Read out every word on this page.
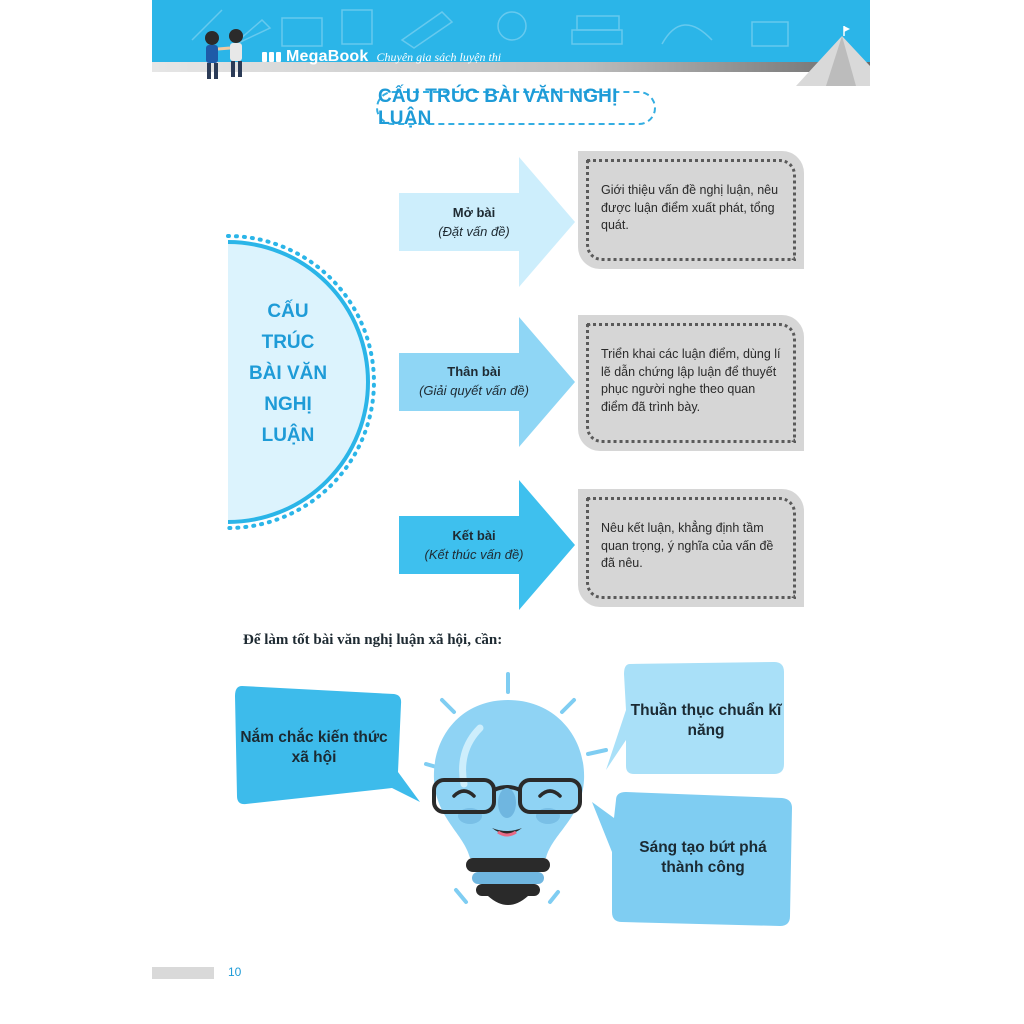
MegaBook Chuyên gia sách luyện thi
CẤU TRÚC BÀI VĂN NGHỊ LUẬN
CẤU
TRÚC
BÀI VĂN
NGHỊ
LUẬN
Mở bài
(Đặt vấn đề)
Thân bài
(Giải quyết vấn đề)
Kết bài
(Kết thúc vấn đề)
Giới thiệu vấn đề nghị luận, nêu được luận điểm xuất phát, tổng quát.
Triển khai các luận điểm, dùng lí lẽ dẫn chứng lập luận để thuyết phục người nghe theo quan điểm đã trình bày.
Nêu kết luận, khẳng định tầm quan trọng, ý nghĩa của vấn đề đã nêu.
Để làm tốt bài văn nghị luận xã hội, cần:
Nắm chắc kiến thức xã hội
Thuần thục chuẩn kĩ năng
Sáng tạo bứt phá thành công
10
